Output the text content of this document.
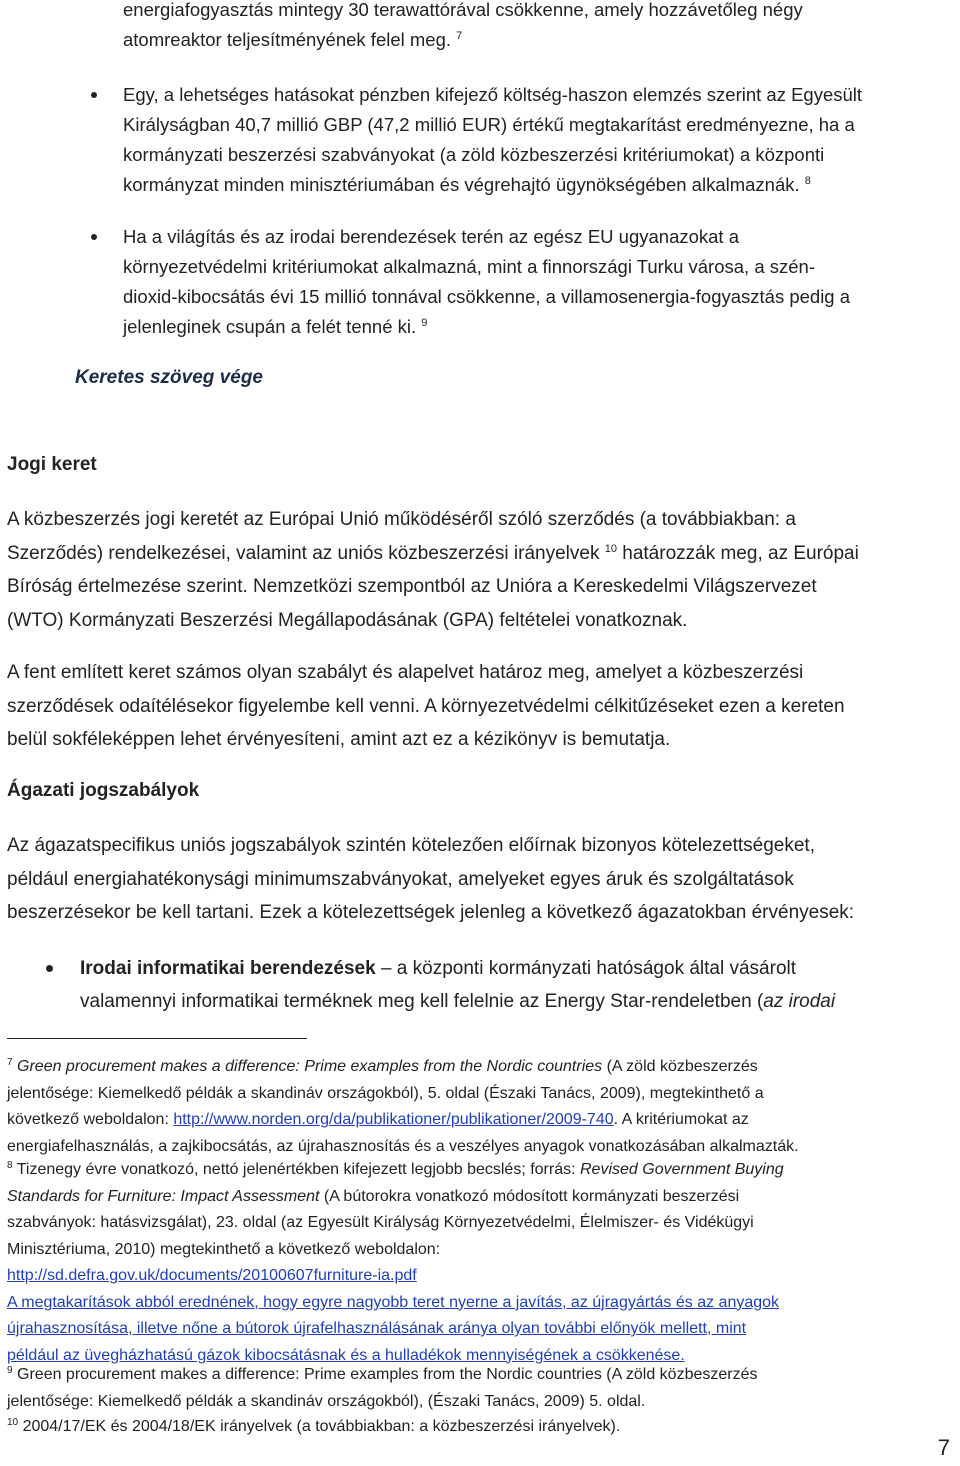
energiafogyasztás mintegy 30 terawattórával csökkenne, amely hozzávetőleg négy
atomreaktor teljesítményének felel meg. $^7$
Egy, a lehetséges hatásokat pénzben kifejező költség-haszon elemzés szerint az Egyesült
Királyságban 40,7 millió GBP (47,2 millió EUR) értékű megtakarítást eredményezne, ha a
kormányzati beszerzési szabványokat (a zöld közbeszerzési kritériumokat) a központi
kormányzat minden minisztériumában és végrehajtó ügynökségében alkalmaznák. $^8$
Ha a világítás és az irodai berendezések terén az egész EU ugyanazokat a
környezetvédelmi kritériumokat alkalmazná, mint a finnországi Turku városa, a szén-
dioxid-kibocsátás évi 15 millió tonnával csökkenne, a villamosenergia-fogyasztás pedig a
jelenleginek csupán a felét tenné ki. $^9$
Keretes szöveg vége
Jogi keret
A közbeszerzés jogi keretét az Európai Unió működéséről szóló szerződés (a továbbiakban: a
Szerződés) rendelkezései, valamint az uniós közbeszerzési irányelvek $^{10}$ határozzák meg, az Európai
Bíróság értelmezése szerint. Nemzetközi szempontból az Unióra a Kereskedelmi Világszervezet
(WTO) Kormányzati Beszerzési Megállapodásának (GPA) feltételei vonatkoznak.
A fent említett keret számos olyan szabályt és alapelvet határoz meg, amelyet a közbeszerzési
szerződések odaítélésekor figyelembe kell venni. A környezetvédelmi célkitűzéseket ezen a kereten
belül sokféleképpen lehet érvényesíteni, amint azt ez a kézikönyv is bemutatja.
Ágazati jogszabályok
Az ágazatspecifikus uniós jogszabályok szintén kötelezően előírnak bizonyos kötelezettségeket,
például energiahatékonysági minimumszabványokat, amelyeket egyes áruk és szolgáltatások
beszerzésekor be kell tartani. Ezek a kötelezettségek jelenleg a következő ágazatokban érvényesek:
Irodai informatikai berendezések – a központi kormányzati hatóságok által vásárolt
valamennyi informatikai terméknek meg kell felelnie az Energy Star-rendeletben (az irodai
$^7$ Green procurement makes a difference: Prime examples from the Nordic countries (A zöld közbeszerzés
jelentősége: Kiemelkedő példák a skandináv országokból), 5. oldal (Északi Tanács, 2009), megtekinthető a
következő weboldalon: http://www.norden.org/da/publikationer/publikationer/2009-740. A kritériumokat az
energiafelhasználás, a zajkibocsátás, az újrahasznosítás és a veszélyes anyagok vonatkozásában alkalmazták.
$^8$ Tizenegy évre vonatkozó, nettó jelenértékben kifejezett legjobb becslés; forrás: Revised Government Buying
Standards for Furniture: Impact Assessment (A bútorokra vonatkozó módosított kormányzati beszerzési
szabványok: hatásvizsgálat), 23. oldal (az Egyesült Királyság Környezetvédelmi, Élelmiszer- és Vidékügyi
Minisztériuma, 2010) megtekinthető a következő weboldalon:
http://sd.defra.gov.uk/documents/20100607furniture-ia.pdf
A megtakarítások abból erednének, hogy egyre nagyobb teret nyerne a javítás, az újragyártás és az anyagok
újrahasznosítása, illetve nőne a bútorok újrafelhasználásának aránya olyan további előnyök mellett, mint
például az üvegházhatású gázok kibocsátásnak és a hulladékok mennyiségének a csökkenése.
$^9$ Green procurement makes a difference: Prime examples from the Nordic countries (A zöld közbeszerzés
jelentősége: Kiemelkedő példák a skandináv országokból), (Északi Tanács, 2009) 5. oldal.
$^{10}$ 2004/17/EK és 2004/18/EK irányelvek (a továbbiakban: a közbeszerzési irányelvek).
7
